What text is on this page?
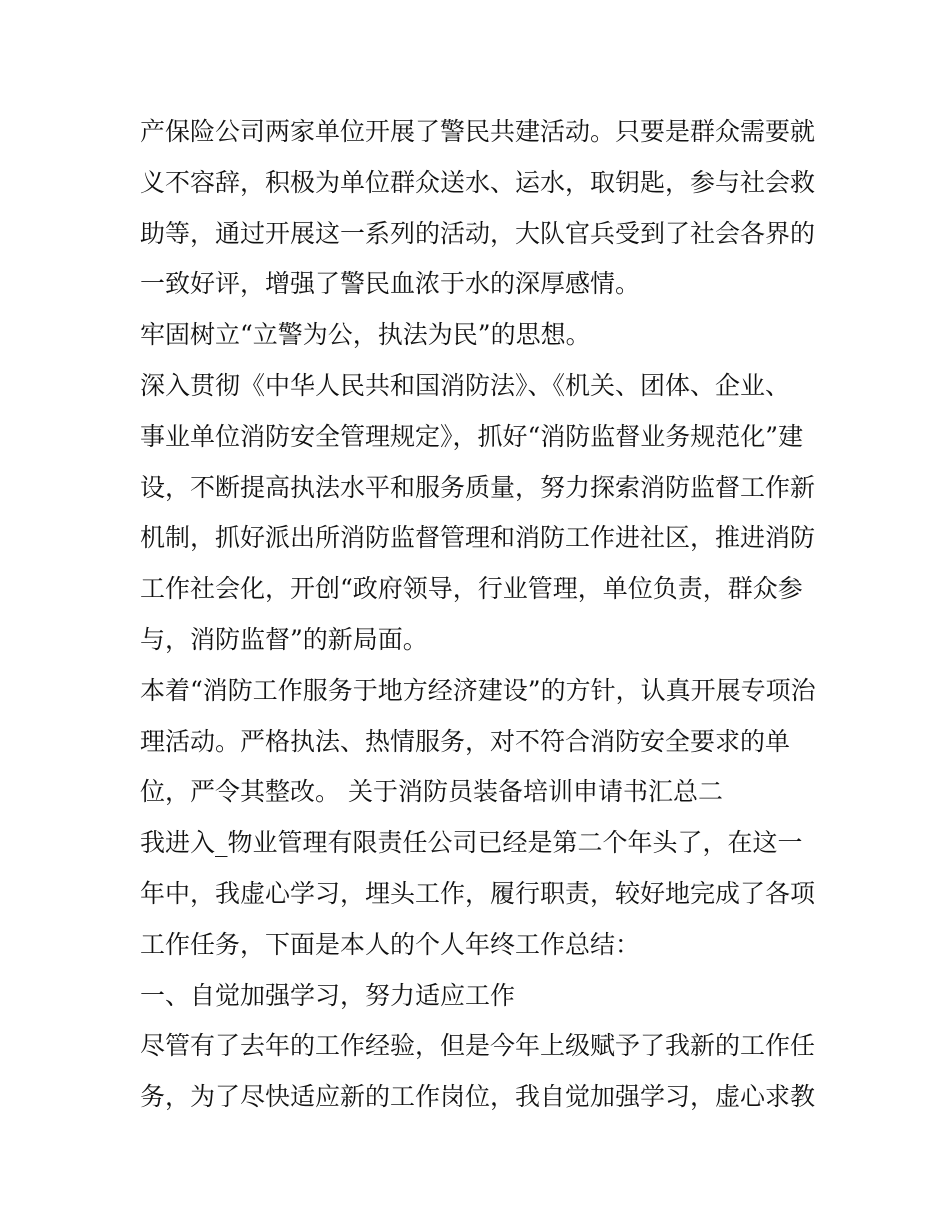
产保险公司两家单位开展了警民共建活动。只要是群众需要就
义不容辞，积极为单位群众送水、运水，取钥匙，参与社会救
助等，通过开展这一系列的活动，大队官兵受到了社会各界的
一致好评，增强了警民血浓于水的深厚感情。
牢固树立“立警为公，执法为民”的思想。
深入贯彻《中华人民共和国消防法》、《机关、团体、企业、
事业单位消防安全管理规定》，抓好“消防监督业务规范化”建
设，不断提高执法水平和服务质量，努力探索消防监督工作新
机制，抓好派出所消防监督管理和消防工作进社区，推进消防
工作社会化，开创“政府领导，行业管理，单位负责，群众参
与，消防监督”的新局面。
本着“消防工作服务于地方经济建设”的方针，认真开展专项治
理活动。严格执法、热情服务，对不符合消防安全要求的单
位，严令其整改。 关于消防员装备培训申请书汇总二
我进入_物业管理有限责任公司已经是第二个年头了，在这一
年中，我虚心学习，埋头工作，履行职责，较好地完成了各项
工作任务，下面是本人的个人年终工作总结：
一、自觉加强学习，努力适应工作
尽管有了去年的工作经验，但是今年上级赋予了我新的工作任
务，为了尽快适应新的工作岗位，我自觉加强学习，虚心求教
